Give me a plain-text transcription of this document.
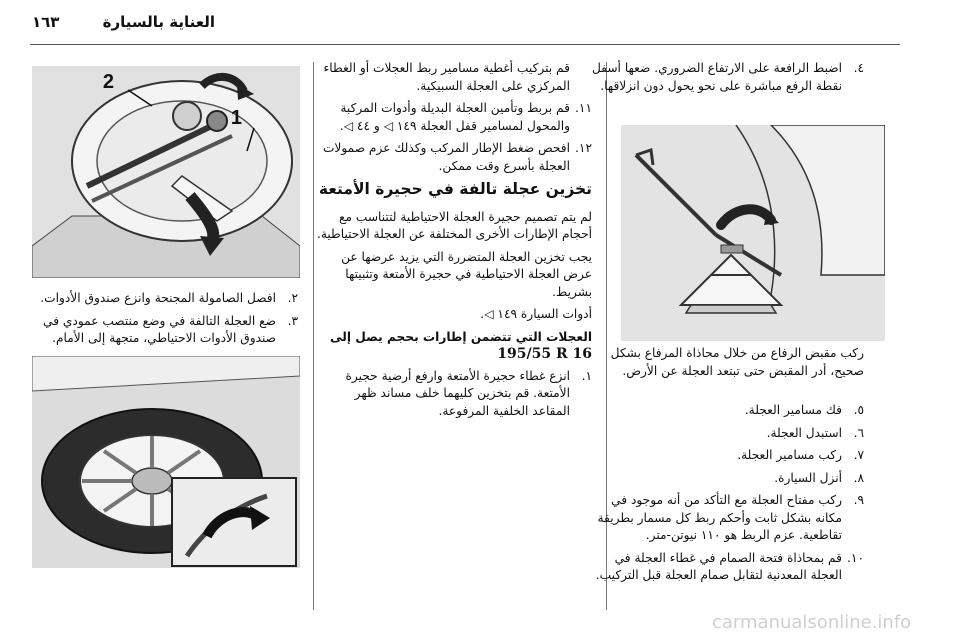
العناية بالسيارة
١٦٣
٤.
اضبط الرافعة على الارتفاع الضروري. ضعها أسفل نقطة الرفع مباشرة على نحو يحول دون انزلاقها.
ركب مقبض الرفاع من خلال محاذاة المرفاع بشكل صحيح، أدر المقبض حتى تبتعد العجلة عن الأرض.
٥.
فك مسامير العجلة.
٦.
استبدل العجلة.
٧.
ركب مسامير العجلة.
٨.
أنزل السيارة.
٩.
ركب مفتاح العجلة مع التأكد من أنه موجود في مكانه بشكل ثابت وأحكم ربط كل مسمار بطريقة تقاطعية. عزم الربط هو ١١٠ نيوتن-متر.
١٠.
قم بمحاذاة فتحة الصمام في غطاء العجلة في العجلة المعدنية لتقابل صمام العجلة قبل التركيب.
قم بتركيب أغطية مسامير ربط العجلات أو الغطاء المركزي على العجلة السبيكية.
١١.
قم بربط وتأمين العجلة البديلة وأدوات المركبة والمحول لمسامير قفل العجلة ١٤٩ ◁ و ٤٤ ◁.
١٢.
افحص ضغط الإطار المركب وكذلك عزم صمولات العجلة بأسرع وقت ممكن.
تخزين عجلة تالفة في حجيرة الأمتعة
لم يتم تصميم حجيرة العجلة الاحتياطية لتتناسب مع أحجام الإطارات الأخرى المختلفة عن العجلة الاحتياطية.
يجب تخزين العجلة المتضررة التي يزيد عرضها عن عرض العجلة الاحتياطية في حجيرة الأمتعة وتثبيتها بشريط.
أدوات السيارة ١٤٩ ◁.
العجلات التي تتضمن إطارات بحجم يصل إلى
195/55 R 16
١.
انزع غطاء حجيرة الأمتعة وارفع أرضية حجيرة الأمتعة. قم بتخزين كليهما خلف مساند ظهر المقاعد الخلفية المرفوعة.
1
2
٢.
افصل الصامولة المجنحة وانزع صندوق الأدوات.
٣.
ضع العجلة التالفة في وضع منتصب عمودي في صندوق الأدوات الاحتياطي، متجهة إلى الأمام.
carmanualsonline.info
